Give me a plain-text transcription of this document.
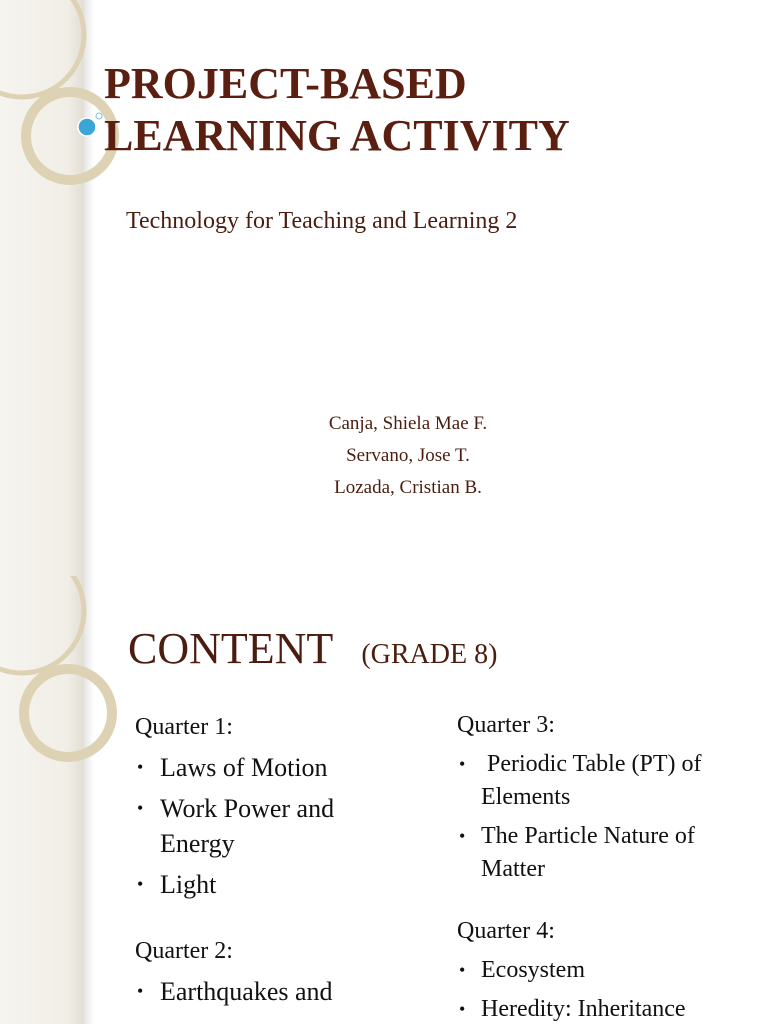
PROJECT-BASED
LEARNING ACTIVITY
Technology for Teaching and Learning 2
Canja, Shiela Mae F.
Servano, Jose T.
Lozada, Cristian B.
CONTENT (GRADE 8)
Quarter 1:
• Laws of Motion
• Work Power and Energy
• Light
Quarter 2:
• Earthquakes and
Quarter 3:
• Periodic Table (PT) of Elements
• The Particle Nature of Matter
Quarter 4:
• Ecosystem
• Heredity: Inheritance
